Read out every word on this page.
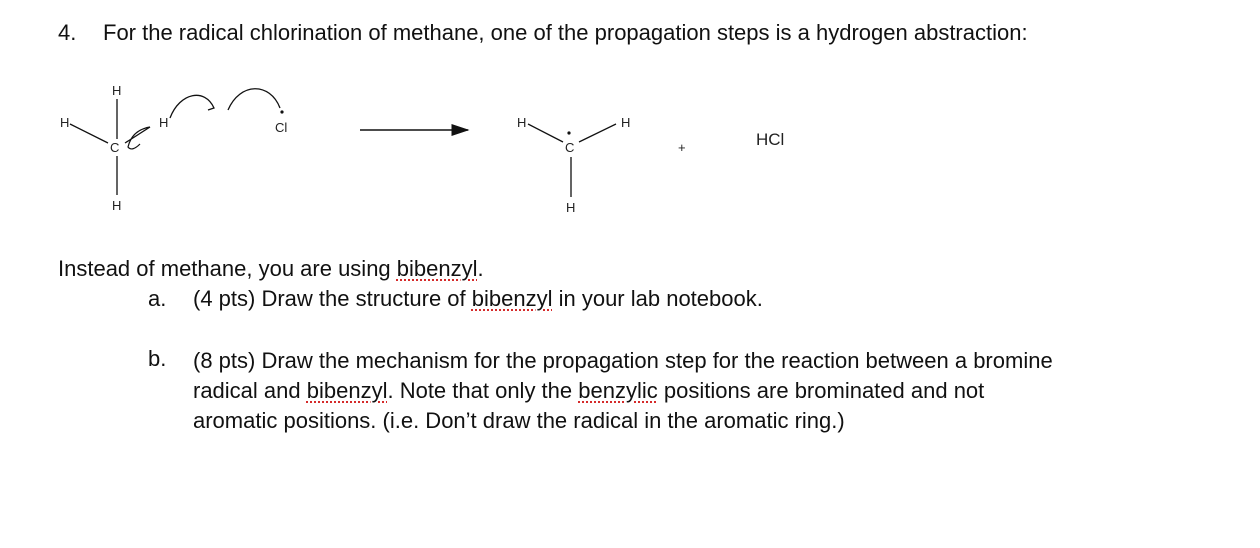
4. For the radical chlorination of methane, one of the propagation steps is a hydrogen abstraction:
H
H	H
H
C
Cl	H	H
H
C	+	HCl

Instead of methane, you are using bibenzyl.

a. (4 pts) Draw the structure of bibenzyl in your lab notebook.

b. (8 pts) Draw the mechanism for the propagation step for the reaction between a bromine
radical and bibenzyl. Note that only the benzylic positions are brominated and not
aromatic positions. (i.e. Don’t draw the radical in the aromatic ring.)
